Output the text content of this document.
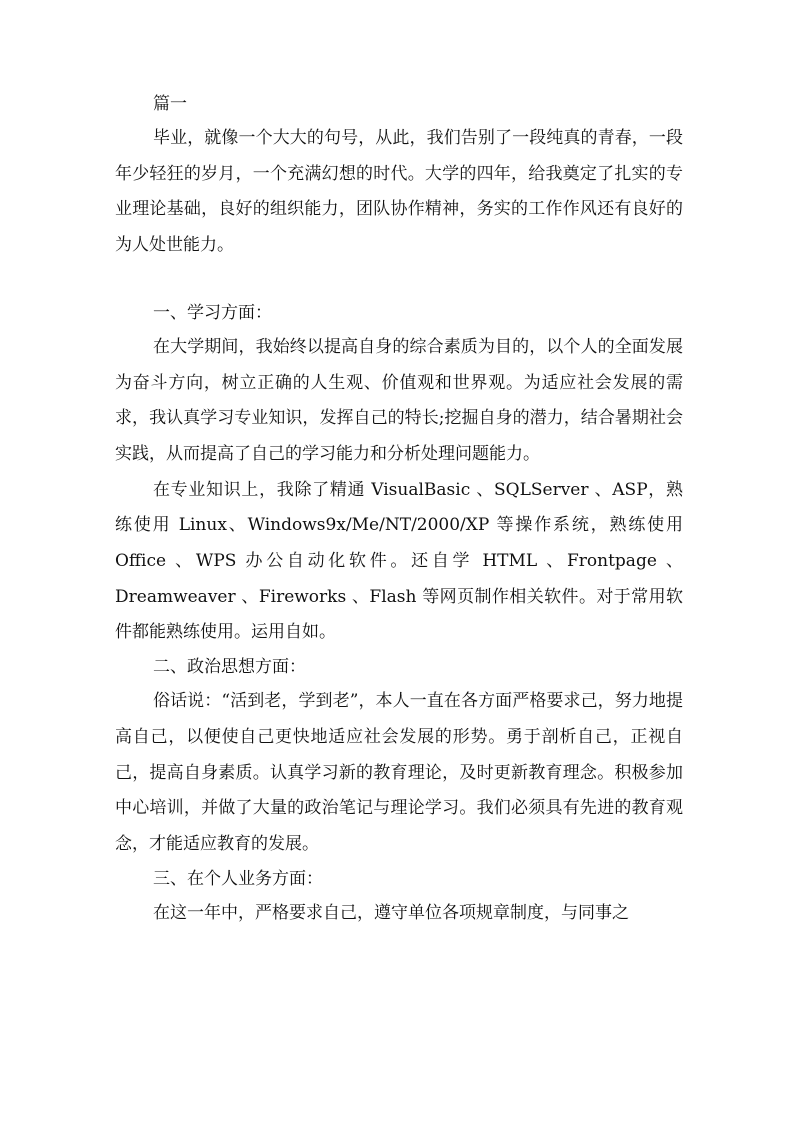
篇一

毕业，就像一个大大的句号，从此，我们告别了一段纯真的青春，一段年少轻狂的岁月，一个充满幻想的时代。大学的四年，给我奠定了扎实的专业理论基础，良好的组织能力，团队协作精神，务实的工作作风还有良好的为人处世能力。

一、学习方面：

在大学期间，我始终以提高自身的综合素质为目的，以个人的全面发展为奋斗方向，树立正确的人生观、价值观和世界观。为适应社会发展的需求，我认真学习专业知识，发挥自己的特长;挖掘自身的潜力，结合暑期社会实践，从而提高了自己的学习能力和分析处理问题能力。

在专业知识上，我除了精通 VisualBasic 、SQLServer 、ASP，熟练使用 Linux、Windows9x/Me/NT/2000/XP 等操作系统，熟练使用 Office 、WPS 办公自动化软件。还自学 HTML 、Frontpage 、Dreamweaver 、Fireworks 、Flash 等网页制作相关软件。对于常用软件都能熟练使用。运用自如。

二、政治思想方面：

俗话说：“活到老，学到老”，本人一直在各方面严格要求己，努力地提高自己，以便使自己更快地适应社会发展的形势。勇于剖析自己，正视自己，提高自身素质。认真学习新的教育理论，及时更新教育理念。积极参加中心培训，并做了大量的政治笔记与理论学习。我们必须具有先进的教育观念，才能适应教育的发展。

三、在个人业务方面：

在这一年中，严格要求自己，遵守单位各项规章制度，与同事之
